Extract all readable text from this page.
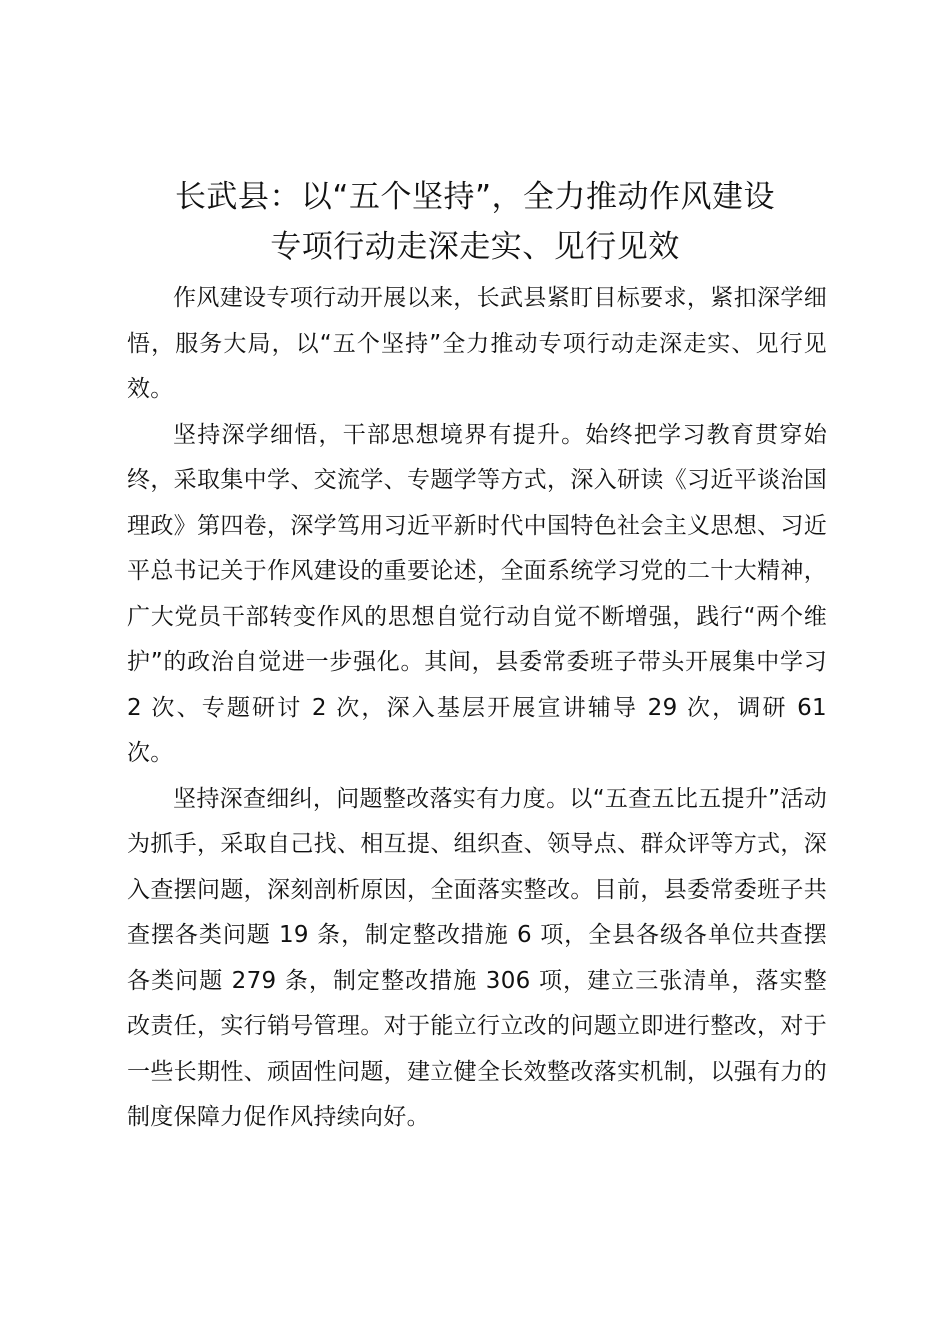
长武县：以“五个坚持”，全力推动作风建设
专项行动走深走实、见行见效

作风建设专项行动开展以来，长武县紧盯目标要求，紧扣深学细悟，服务大局，以“五个坚持”全力推动专项行动走深走实、见行见效。

坚持深学细悟，干部思想境界有提升。始终把学习教育贯穿始终，采取集中学、交流学、专题学等方式，深入研读《习近平谈治国理政》第四卷，深学笃用习近平新时代中国特色社会主义思想、习近平总书记关于作风建设的重要论述，全面系统学习党的二十大精神，广大党员干部转变作风的思想自觉行动自觉不断增强，践行“两个维护”的政治自觉进一步强化。其间，县委常委班子带头开展集中学习 2 次、专题研讨 2 次，深入基层开展宣讲辅导 29 次，调研 61 次。

坚持深查细纠，问题整改落实有力度。以“五查五比五提升”活动为抓手，采取自己找、相互提、组织查、领导点、群众评等方式，深入查摆问题，深刻剖析原因，全面落实整改。目前，县委常委班子共查摆各类问题 19 条，制定整改措施 6 项，全县各级各单位共查摆各类问题 279 条，制定整改措施 306 项，建立三张清单，落实整改责任，实行销号管理。对于能立行立改的问题立即进行整改，对于一些长期性、顽固性问题，建立健全长效整改落实机制，以强有力的制度保障力促作风持续向好。
